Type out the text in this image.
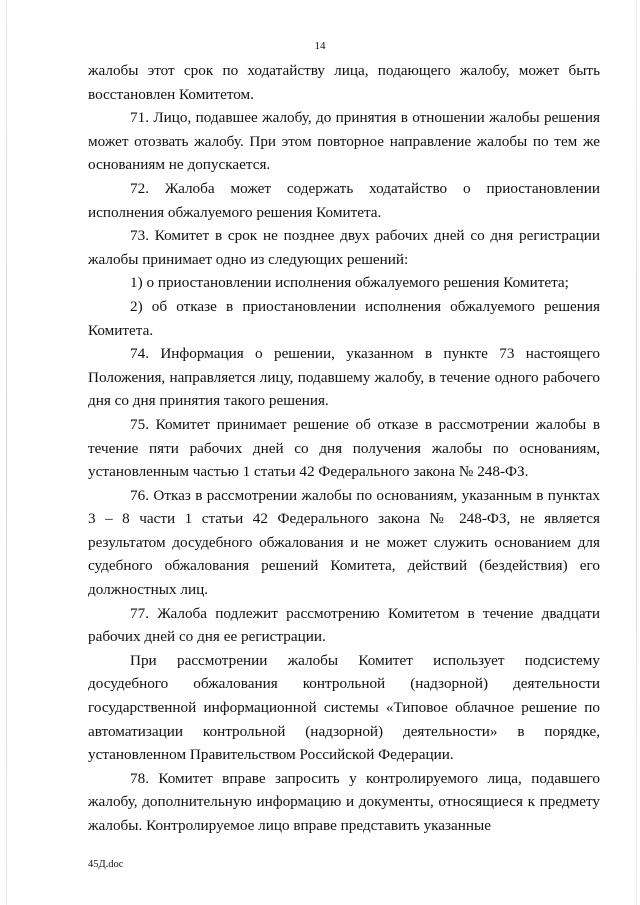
14

жалобы этот срок по ходатайству лица, подающего жалобу, может быть восстановлен Комитетом.

71. Лицо, подавшее жалобу, до принятия в отношении жалобы решения может отозвать жалобу. При этом повторное направление жалобы по тем же основаниям не допускается.

72. Жалоба может содержать ходатайство о приостановлении исполнения обжалуемого решения Комитета.

73. Комитет в срок не позднее двух рабочих дней со дня регистрации жалобы принимает одно из следующих решений:

1) о приостановлении исполнения обжалуемого решения Комитета;

2) об отказе в приостановлении исполнения обжалуемого решения Комитета.

74. Информация о решении, указанном в пункте 73 настоящего Положения, направляется лицу, подавшему жалобу, в течение одного рабочего дня со дня принятия такого решения.

75. Комитет принимает решение об отказе в рассмотрении жалобы в течение пяти рабочих дней со дня получения жалобы по основаниям, установленным частью 1 статьи 42 Федерального закона № 248-ФЗ.

76. Отказ в рассмотрении жалобы по основаниям, указанным в пунктах 3 – 8 части 1 статьи 42 Федерального закона № 248-ФЗ, не является результатом досудебного обжалования и не может служить основанием для судебного обжалования решений Комитета, действий (бездействия) его должностных лиц.

77. Жалоба подлежит рассмотрению Комитетом в течение двадцати рабочих дней со дня ее регистрации.

При рассмотрении жалобы Комитет использует подсистему досудебного обжалования контрольной (надзорной) деятельности государственной информационной системы «Типовое облачное решение по автоматизации контрольной (надзорной) деятельности» в порядке, установленном Правительством Российской Федерации.

78. Комитет вправе запросить у контролируемого лица, подавшего жалобу, дополнительную информацию и документы, относящиеся к предмету жалобы. Контролируемое лицо вправе представить указанные

45Д.doc
